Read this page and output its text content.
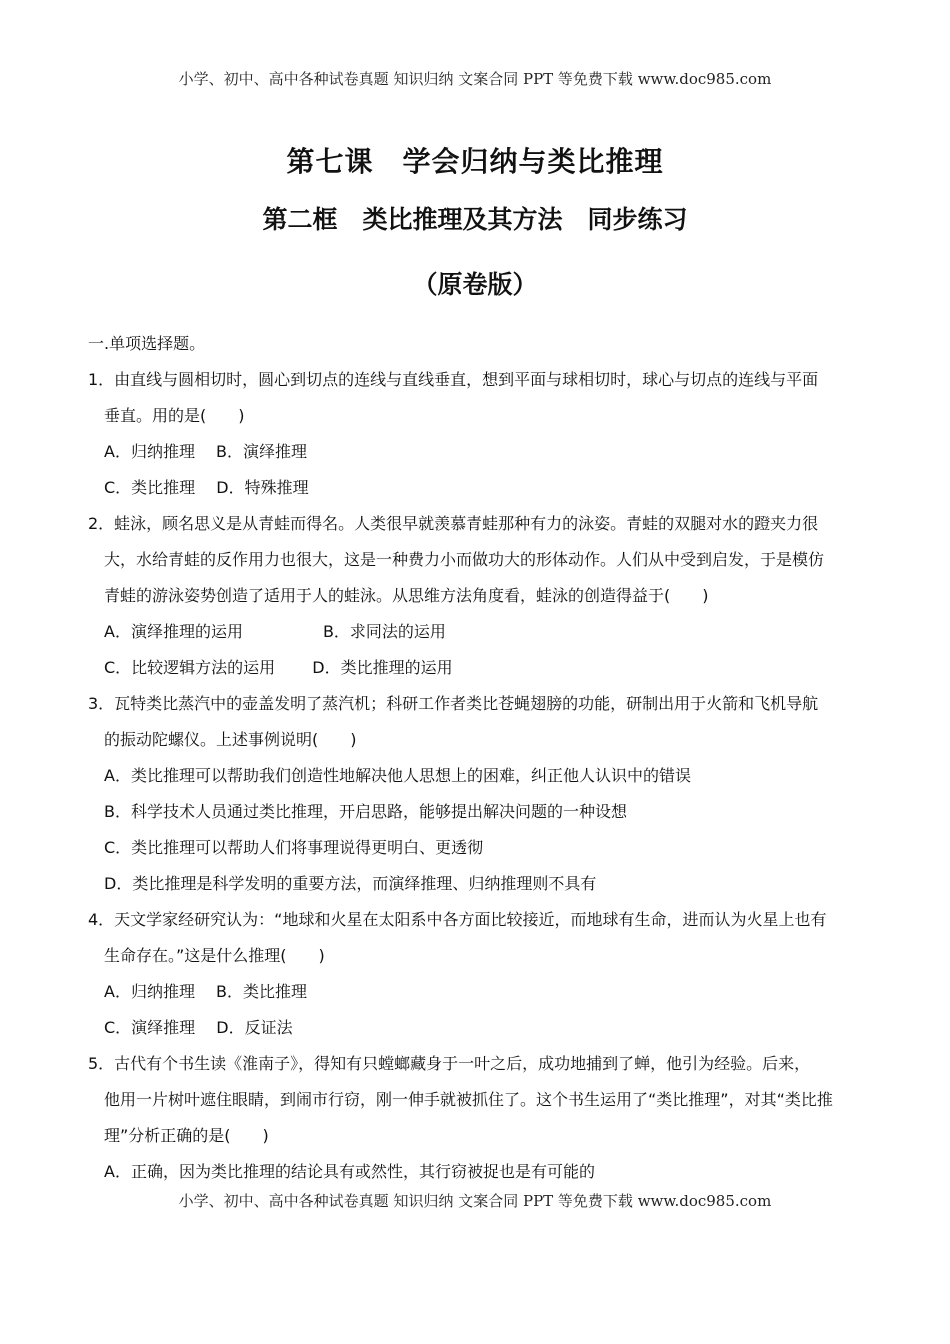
小学、初中、高中各种试卷真题 知识归纳 文案合同 PPT 等免费下载 www.doc985.com
第七课　学会归纳与类比推理
第二框　类比推理及其方法　同步练习
（原卷版）
一.单项选择题。
1．由直线与圆相切时，圆心到切点的连线与直线垂直，想到平面与球相切时，球心与切点的连线与平面
垂直。用的是(　　)
A．归纳推理　 B．演绎推理
C．类比推理　 D．特殊推理
2．蛙泳，顾名思义是从青蛙而得名。人类很早就羡慕青蛙那种有力的泳姿。青蛙的双腿对水的蹬夹力很
大，水给青蛙的反作用力也很大，这是一种费力小而做功大的形体动作。人们从中受到启发，于是模仿
青蛙的游泳姿势创造了适用于人的蛙泳。从思维方法角度看，蛙泳的创造得益于(　　)
A．演绎推理的运用　　　　　B．求同法的运用
C．比较逻辑方法的运用　　 D．类比推理的运用
3．瓦特类比蒸汽中的壶盖发明了蒸汽机；科研工作者类比苍蝇翅膀的功能，研制出用于火箭和飞机导航
的振动陀螺仪。上述事例说明(　　)
A．类比推理可以帮助我们创造性地解决他人思想上的困难，纠正他人认识中的错误
B．科学技术人员通过类比推理，开启思路，能够提出解决问题的一种设想
C．类比推理可以帮助人们将事理说得更明白、更透彻
D．类比推理是科学发明的重要方法，而演绎推理、归纳推理则不具有
4．天文学家经研究认为：“地球和火星在太阳系中各方面比较接近，而地球有生命，进而认为火星上也有
生命存在。”这是什么推理(　　)
A．归纳推理　 B．类比推理
C．演绎推理　 D．反证法
5．古代有个书生读《淮南子》，得知有只螳螂藏身于一叶之后，成功地捕到了蝉，他引为经验。后来，
他用一片树叶遮住眼睛，到闹市行窃，刚一伸手就被抓住了。这个书生运用了“类比推理”，对其“类比推
理”分析正确的是(　　)
A．正确，因为类比推理的结论具有或然性，其行窃被捉也是有可能的
小学、初中、高中各种试卷真题 知识归纳 文案合同 PPT 等免费下载 www.doc985.com
